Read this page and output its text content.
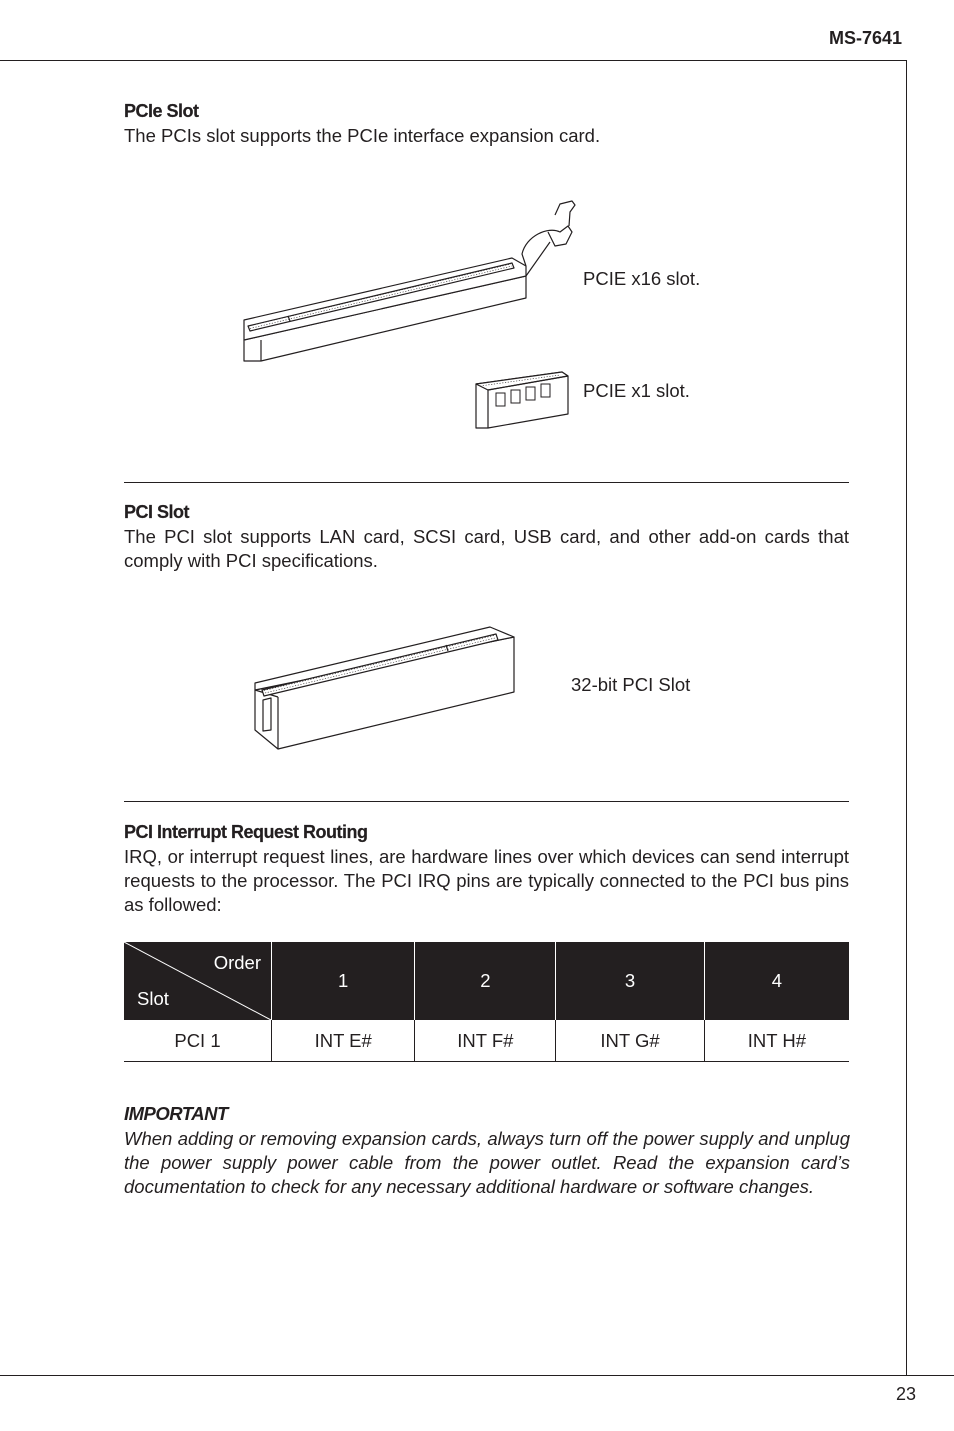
MS-7641
23
PCIe Slot
The PCIs slot supports the PCIe interface expansion card.
PCIE x16 slot.
PCIE x1 slot.
PCI Slot
The PCI slot supports LAN card, SCSI card, USB card, and other add-on cards that comply with PCI specifications.
32-bit PCI Slot
PCI Interrupt Request Routing
IRQ, or interrupt request lines, are hardware lines over which devices can send interrupt requests to the processor. The PCI IRQ pins are typically connected to the PCI bus pins as followed:
Order
Slot	1	2	3	4
PCI 1	INT E#	INT F#	INT G#	INT H#
IMPORTANT
When adding or removing expansion cards, always turn off the power supply and unplug the power supply power cable from the power outlet. Read the expansion card’s documentation to check for any necessary additional hardware or software changes.
